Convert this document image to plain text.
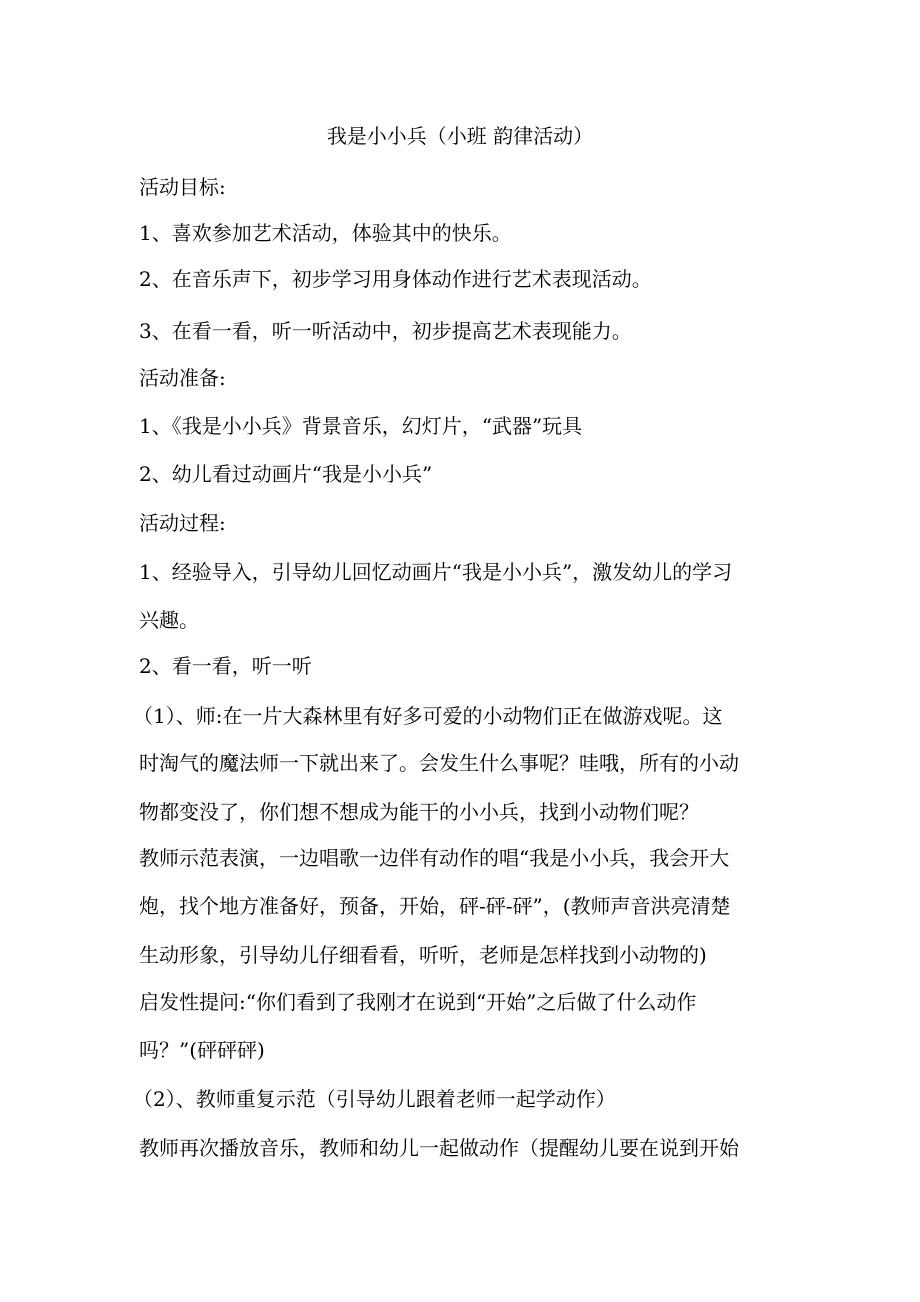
我是小小兵（小班 韵律活动）
活动目标:
1、喜欢参加艺术活动，体验其中的快乐。
2、在音乐声下，初步学习用身体动作进行艺术表现活动。
3、在看一看，听一听活动中，初步提高艺术表现能力。
活动准备:
1、《我是小小兵》背景音乐，幻灯片，“武器”玩具
2、幼儿看过动画片“我是小小兵”
活动过程:
1、经验导入，引导幼儿回忆动画片“我是小小兵”，激发幼儿的学习
兴趣。
2、看一看，听一听
（1）、师:在一片大森林里有好多可爱的小动物们正在做游戏呢。这
时淘气的魔法师一下就出来了。会发生什么事呢？哇哦，所有的小动
物都变没了，你们想不想成为能干的小小兵，找到小动物们呢？
教师示范表演，一边唱歌一边伴有动作的唱“我是小小兵，我会开大
炮，找个地方准备好，预备，开始，砰-砰-砰”，(教师声音洪亮清楚
生动形象，引导幼儿仔细看看，听听，老师是怎样找到小动物的)
启发性提问:“你们看到了我刚才在说到“开始”之后做了什么动作
吗？”(砰砰砰)
（2）、教师重复示范（引导幼儿跟着老师一起学动作）
教师再次播放音乐，教师和幼儿一起做动作（提醒幼儿要在说到开始
